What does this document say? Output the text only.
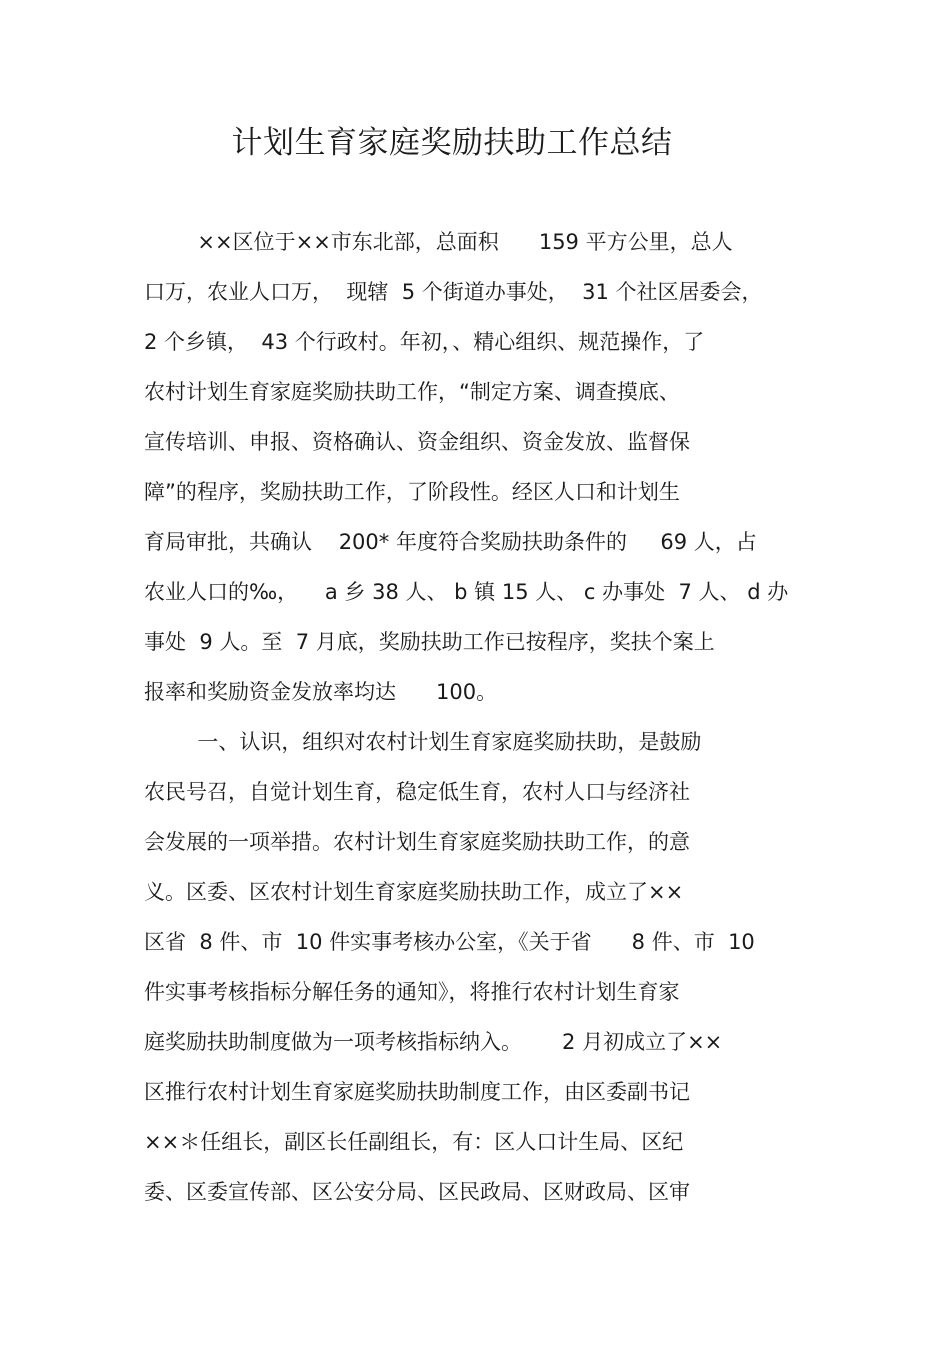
计划生育家庭奖励扶助工作总结
××区位于××市东北部，总面积      159 平方公里，总人
口万，农业人口万，  现辖  5 个街道办事处，  31 个社区居委会，
2 个乡镇，  43 个行政村。年初，、精心组织、规范操作，了
农村计划生育家庭奖励扶助工作，“制定方案、调查摸底、
宣传培训、申报、资格确认、资金组织、资金发放、监督保
障”的程序，奖励扶助工作，了阶段性。经区人口和计划生
育局审批，共确认    200* 年度符合奖励扶助条件的     69 人，占
农业人口的‰，    a 乡 38 人、 b 镇 15 人、 c 办事处  7 人、 d 办
事处  9 人。至  7 月底，奖励扶助工作已按程序，奖扶个案上
报率和奖励资金发放率均达      100。
一、认识，组织对农村计划生育家庭奖励扶助，是鼓励
农民号召，自觉计划生育，稳定低生育，农村人口与经济社
会发展的一项举措。农村计划生育家庭奖励扶助工作，的意
义。区委、区农村计划生育家庭奖励扶助工作，成立了××
区省  8 件、市  10 件实事考核办公室，《关于省      8 件、市  10
件实事考核指标分解任务的通知》，将推行农村计划生育家
庭奖励扶助制度做为一项考核指标纳入。      2 月初成立了××
区推行农村计划生育家庭奖励扶助制度工作，由区委副书记
××＊任组长，副区长任副组长，有：区人口计生局、区纪
委、区委宣传部、区公安分局、区民政局、区财政局、区审
